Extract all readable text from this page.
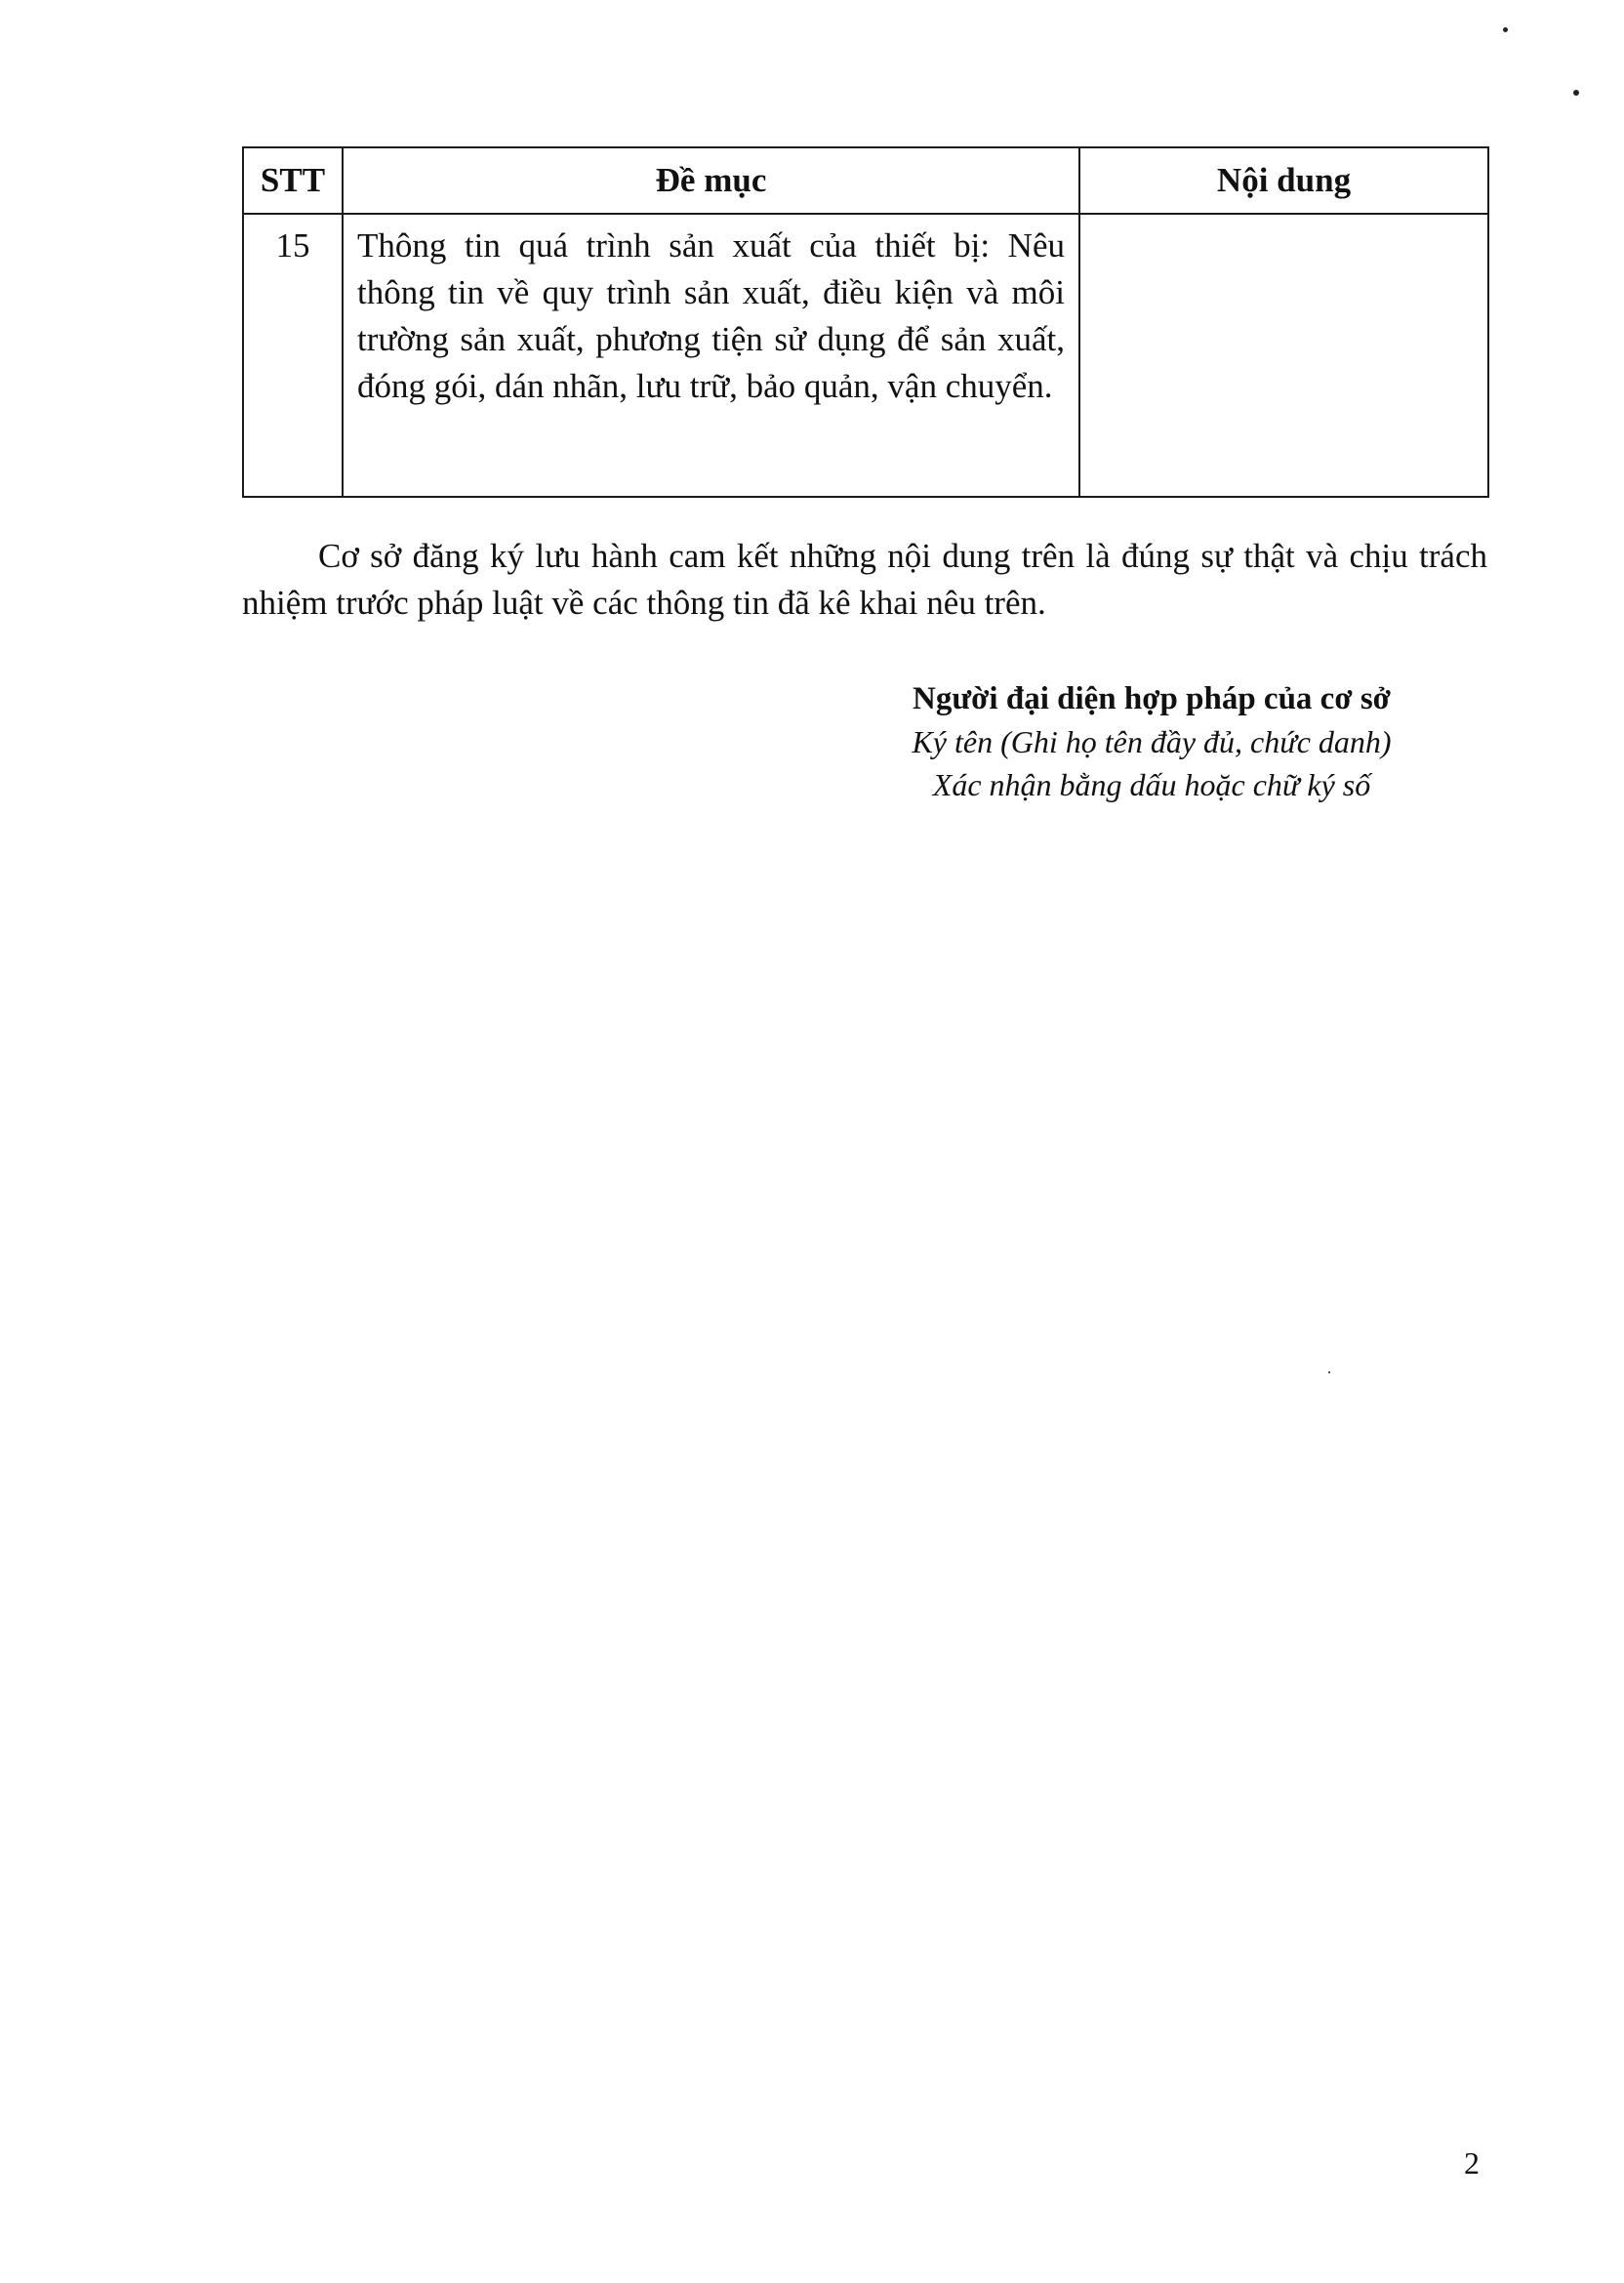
STT	Đề mục	Nội dung
15	Thông tin quá trình sản xuất của thiết bị: Nêu thông tin về quy trình sản xuất, điều kiện và môi trường sản xuất, phương tiện sử dụng để sản xuất, đóng gói, dán nhãn, lưu trữ, bảo quản, vận chuyển.	

Cơ sở đăng ký lưu hành cam kết những nội dung trên là đúng sự thật và chịu trách nhiệm trước pháp luật về các thông tin đã kê khai nêu trên.

Người đại diện hợp pháp của cơ sở
Ký tên (Ghi họ tên đầy đủ, chức danh)
Xác nhận bằng dấu hoặc chữ ký số
2
